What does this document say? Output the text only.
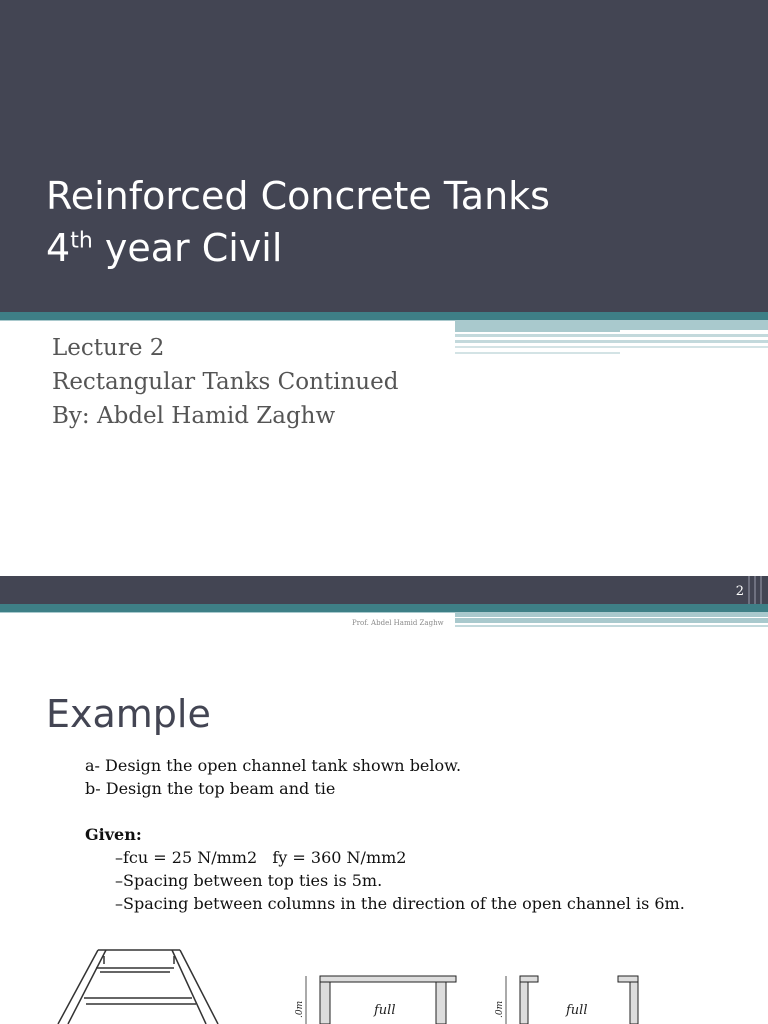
Reinforced Concrete Tanks
4th year Civil
Lecture 2
Rectangular Tanks Continued
By: Abdel Hamid Zaghw
2
Prof. Abdel Hamid Zaghw
Example
a- Design the open channel tank shown below.
b- Design the top beam and tie
Given:
–fcu = 25 N/mm2   fy = 360 N/mm2
–Spacing between top ties is 5m.
–Spacing between columns in the direction of the open channel is 6m.
full
.0m	full
.0m
